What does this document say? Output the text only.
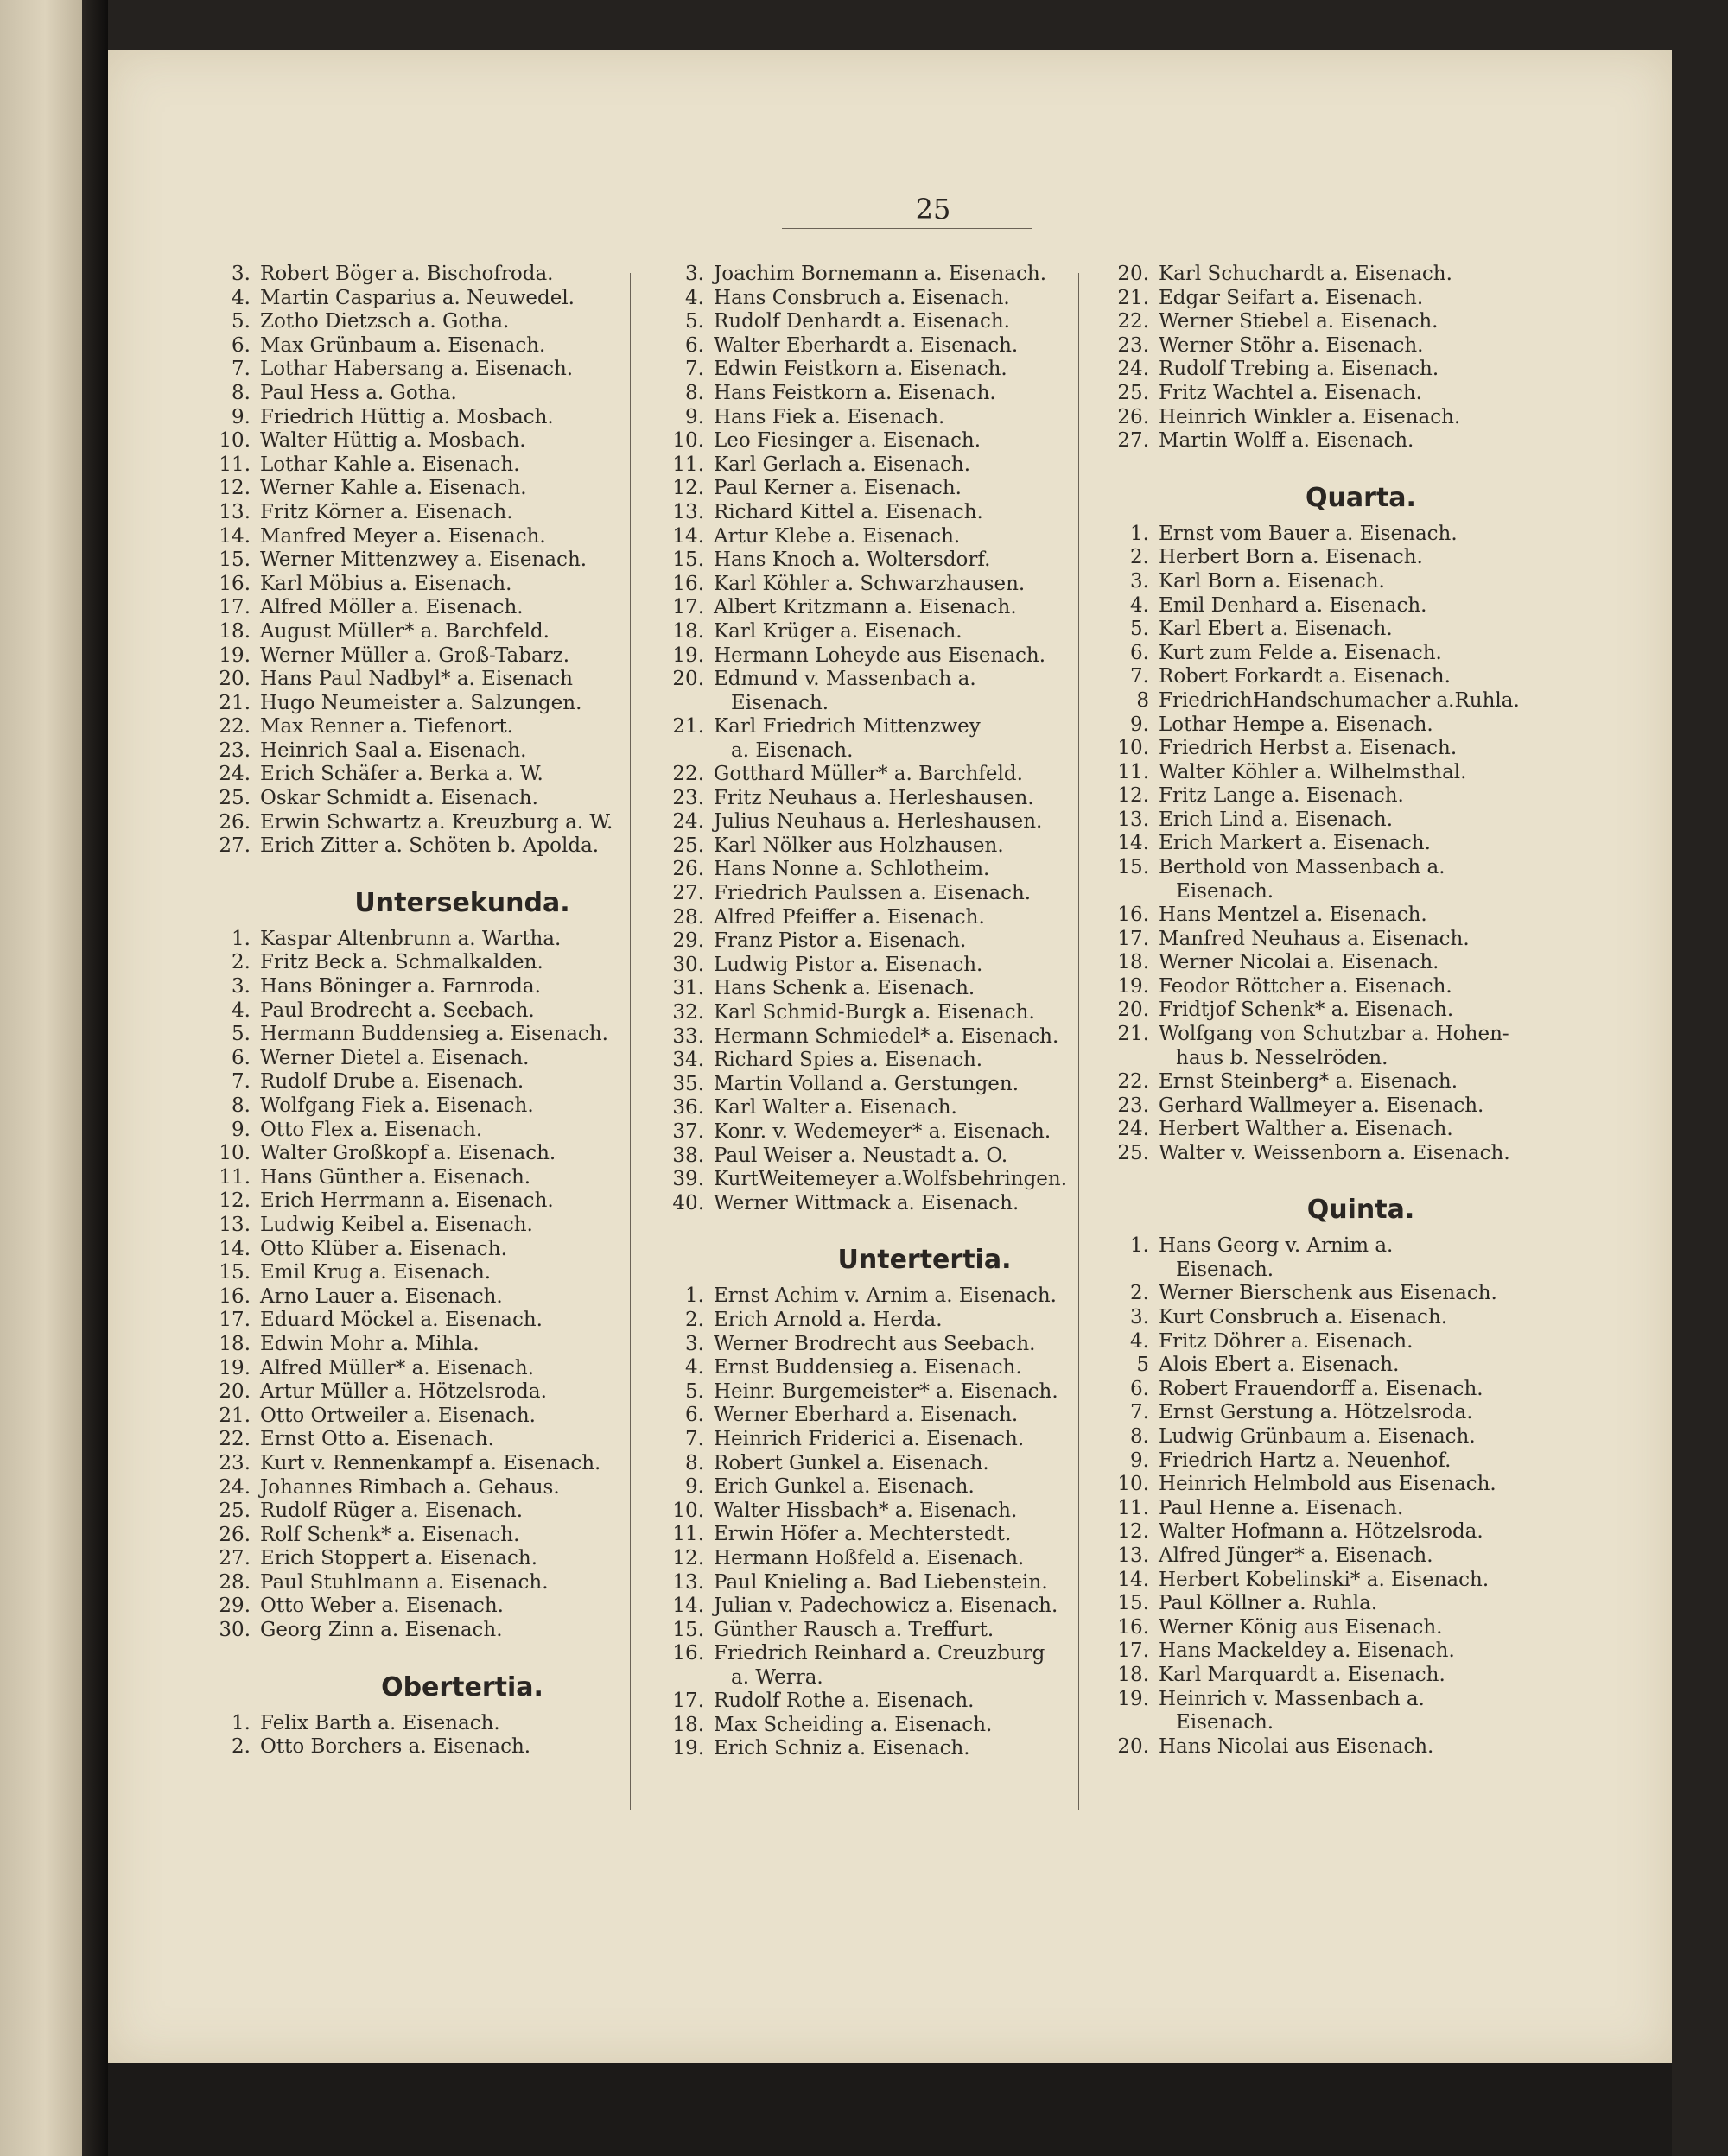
25
3. Robert Böger a. Bischofroda.
4. Martin Casparius a. Neuwedel.
5. Zotho Dietzsch a. Gotha.
6. Max Grünbaum a. Eisenach.
7. Lothar Habersang a. Eisenach.
8. Paul Hess a. Gotha.
9. Friedrich Hüttig a. Mosbach.
10. Walter Hüttig a. Mosbach.
11. Lothar Kahle a. Eisenach.
12. Werner Kahle a. Eisenach.
13. Fritz Körner a. Eisenach.
14. Manfred Meyer a. Eisenach.
15. Werner Mittenzwey a. Eisenach.
16. Karl Möbius a. Eisenach.
17. Alfred Möller a. Eisenach.
18. August Müller* a. Barchfeld.
19. Werner Müller a. Groß-Tabarz.
20. Hans Paul Nadbyl* a. Eisenach
21. Hugo Neumeister a. Salzungen.
22. Max Renner a. Tiefenort.
23. Heinrich Saal a. Eisenach.
24. Erich Schäfer a. Berka a. W.
25. Oskar Schmidt a. Eisenach.
26. Erwin Schwartz a. Kreuzburg a. W.
27. Erich Zitter a. Schöten b. Apolda.
Untersekunda.
1. Kaspar Altenbrunn a. Wartha.
2. Fritz Beck a. Schmalkalden.
3. Hans Böninger a. Farnroda.
4. Paul Brodrecht a. Seebach.
5. Hermann Buddensieg a. Eisenach.
6. Werner Dietel a. Eisenach.
7. Rudolf Drube a. Eisenach.
8. Wolfgang Fiek a. Eisenach.
9. Otto Flex a. Eisenach.
10. Walter Großkopf a. Eisenach.
11. Hans Günther a. Eisenach.
12. Erich Herrmann a. Eisenach.
13. Ludwig Keibel a. Eisenach.
14. Otto Klüber a. Eisenach.
15. Emil Krug a. Eisenach.
16. Arno Lauer a. Eisenach.
17. Eduard Möckel a. Eisenach.
18. Edwin Mohr a. Mihla.
19. Alfred Müller* a. Eisenach.
20. Artur Müller a. Hötzelsroda.
21. Otto Ortweiler a. Eisenach.
22. Ernst Otto a. Eisenach.
23. Kurt v. Rennenkampf a. Eisenach.
24. Johannes Rimbach a. Gehaus.
25. Rudolf Rüger a. Eisenach.
26. Rolf Schenk* a. Eisenach.
27. Erich Stoppert a. Eisenach.
28. Paul Stuhlmann a. Eisenach.
29. Otto Weber a. Eisenach.
30. Georg Zinn a. Eisenach.
Obertertia.
1. Felix Barth a. Eisenach.
2. Otto Borchers a. Eisenach.
3. Joachim Bornemann a. Eisenach.
4. Hans Consbruch a. Eisenach.
5. Rudolf Denhardt a. Eisenach.
6. Walter Eberhardt a. Eisenach.
7. Edwin Feistkorn a. Eisenach.
8. Hans Feistkorn a. Eisenach.
9. Hans Fiek a. Eisenach.
10. Leo Fiesinger a. Eisenach.
11. Karl Gerlach a. Eisenach.
12. Paul Kerner a. Eisenach.
13. Richard Kittel a. Eisenach.
14. Artur Klebe a. Eisenach.
15. Hans Knoch a. Woltersdorf.
16. Karl Köhler a. Schwarzhausen.
17. Albert Kritzmann a. Eisenach.
18. Karl Krüger a. Eisenach.
19. Hermann Loheyde aus Eisenach.
20. Edmund v. Massenbach a.
Eisenach.
21. Karl Friedrich Mittenzwey
a. Eisenach.
22. Gotthard Müller* a. Barchfeld.
23. Fritz Neuhaus a. Herleshausen.
24. Julius Neuhaus a. Herleshausen.
25. Karl Nölker aus Holzhausen.
26. Hans Nonne a. Schlotheim.
27. Friedrich Paulssen a. Eisenach.
28. Alfred Pfeiffer a. Eisenach.
29. Franz Pistor a. Eisenach.
30. Ludwig Pistor a. Eisenach.
31. Hans Schenk a. Eisenach.
32. Karl Schmid-Burgk a. Eisenach.
33. Hermann Schmiedel* a. Eisenach.
34. Richard Spies a. Eisenach.
35. Martin Volland a. Gerstungen.
36. Karl Walter a. Eisenach.
37. Konr. v. Wedemeyer* a. Eisenach.
38. Paul Weiser a. Neustadt a. O.
39. KurtWeitemeyer a.Wolfsbehringen.
40. Werner Wittmack a. Eisenach.
Untertertia.
1. Ernst Achim v. Arnim a. Eisenach.
2. Erich Arnold a. Herda.
3. Werner Brodrecht aus Seebach.
4. Ernst Buddensieg a. Eisenach.
5. Heinr. Burgemeister* a. Eisenach.
6. Werner Eberhard a. Eisenach.
7. Heinrich Friderici a. Eisenach.
8. Robert Gunkel a. Eisenach.
9. Erich Gunkel a. Eisenach.
10. Walter Hissbach* a. Eisenach.
11. Erwin Höfer a. Mechterstedt.
12. Hermann Hoßfeld a. Eisenach.
13. Paul Knieling a. Bad Liebenstein.
14. Julian v. Padechowicz a. Eisenach.
15. Günther Rausch a. Treffurt.
16. Friedrich Reinhard a. Creuzburg
a. Werra.
17. Rudolf Rothe a. Eisenach.
18. Max Scheiding a. Eisenach.
19. Erich Schniz a. Eisenach.
20. Karl Schuchardt a. Eisenach.
21. Edgar Seifart a. Eisenach.
22. Werner Stiebel a. Eisenach.
23. Werner Stöhr a. Eisenach.
24. Rudolf Trebing a. Eisenach.
25. Fritz Wachtel a. Eisenach.
26. Heinrich Winkler a. Eisenach.
27. Martin Wolff a. Eisenach.
Quarta.
1. Ernst vom Bauer a. Eisenach.
2. Herbert Born a. Eisenach.
3. Karl Born a. Eisenach.
4. Emil Denhard a. Eisenach.
5. Karl Ebert a. Eisenach.
6. Kurt zum Felde a. Eisenach.
7. Robert Forkardt a. Eisenach.
8 FriedrichHandschumacher a.Ruhla.
9. Lothar Hempe a. Eisenach.
10. Friedrich Herbst a. Eisenach.
11. Walter Köhler a. Wilhelmsthal.
12. Fritz Lange a. Eisenach.
13. Erich Lind a. Eisenach.
14. Erich Markert a. Eisenach.
15. Berthold von Massenbach a.
Eisenach.
16. Hans Mentzel a. Eisenach.
17. Manfred Neuhaus a. Eisenach.
18. Werner Nicolai a. Eisenach.
19. Feodor Röttcher a. Eisenach.
20. Fridtjof Schenk* a. Eisenach.
21. Wolfgang von Schutzbar a. Hohen-
haus b. Nesselröden.
22. Ernst Steinberg* a. Eisenach.
23. Gerhard Wallmeyer a. Eisenach.
24. Herbert Walther a. Eisenach.
25. Walter v. Weissenborn a. Eisenach.
Quinta.
1. Hans Georg v. Arnim a.
Eisenach.
2. Werner Bierschenk aus Eisenach.
3. Kurt Consbruch a. Eisenach.
4. Fritz Döhrer a. Eisenach.
5 Alois Ebert a. Eisenach.
6. Robert Frauendorff a. Eisenach.
7. Ernst Gerstung a. Hötzelsroda.
8. Ludwig Grünbaum a. Eisenach.
9. Friedrich Hartz a. Neuenhof.
10. Heinrich Helmbold aus Eisenach.
11. Paul Henne a. Eisenach.
12. Walter Hofmann a. Hötzelsroda.
13. Alfred Jünger* a. Eisenach.
14. Herbert Kobelinski* a. Eisenach.
15. Paul Köllner a. Ruhla.
16. Werner König aus Eisenach.
17. Hans Mackeldey a. Eisenach.
18. Karl Marquardt a. Eisenach.
19. Heinrich v. Massenbach a.
Eisenach.
20. Hans Nicolai aus Eisenach.
